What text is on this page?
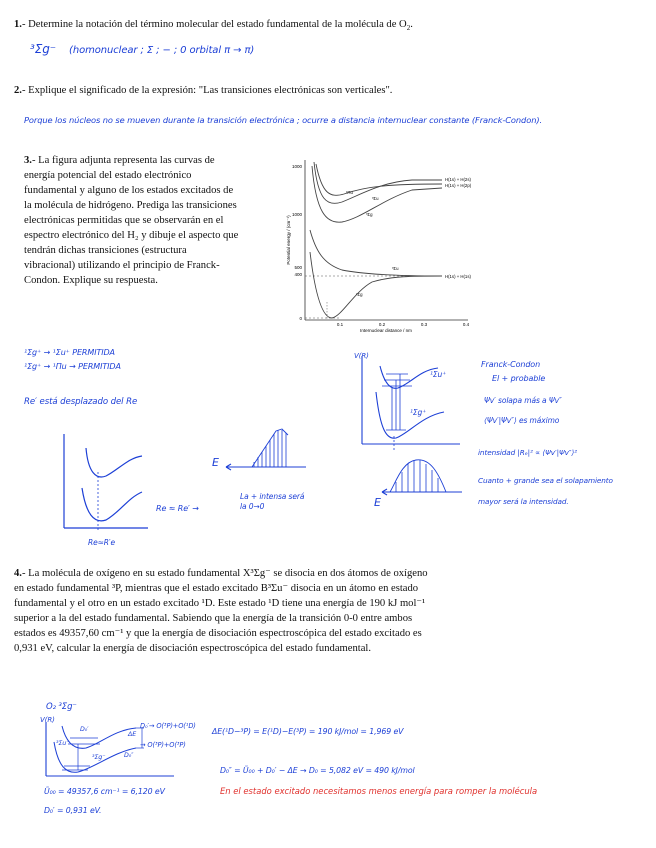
1.- Determine la notación del término molecular del estado fundamental de la molécula de $O_2$.
³Σg⁻ (homonuclear ; Σ ; − ; 0 orbital π → π)
2.- Explique el significado de la expresión: "Las transiciones electrónicas son verticales".
Porque los núcleos no se mueven durante la transición electrónica ; ocurre a distancia internuclear constante (Franck-Condon).
3.- La figura adjunta representa las curvas de
energía potencial del estado electrónico
fundamental y alguno de los estados excitados de
la molécula de hidrógeno. Prediga las transiciones
electrónicas permitidas que se observarán en el
espectro electrónico del H₂ y dibuje el aspecto que
tendrán dichas transiciones (estructura
vibracional) utilizando el principio de Franck-
Condon. Explique su respuesta.
1000
1000
500
400
0
0.1	0.2	0.3	0.4
Internuclear distance / nm
Potential energy / (cm⁻¹)
H(1s) + H(2s)
H(1s) + H(2p)
H(1s) + H(1s)
¹Πu
³Σu
³Σg
³Σu
¹Σg
¹Σg⁺ → ¹Σu⁺ PERMITIDA
¹Σg⁺ → ¹Πu → PERMITIDA
Re′ está desplazado del Re
Re≈R′e
Re ≈ Re′ →
E
La + intensa será la 0→0
V(R)
¹Σu⁺
¹Σg⁺
E
Franck-Condon
El + probable
Ψv′ solapa más a Ψv″
⟨Ψv′|Ψv″⟩ es máximo
intensidad |Rₑ|² ∝ ⟨Ψv′|Ψv″⟩²
Cuanto + grande sea el solapamiento
mayor será la intensidad.
4.- La molécula de oxígeno en su estado fundamental X³Σg⁻ se disocia en dos átomos de oxígeno
en estado fundamental ³P, mientras que el estado excitado B³Σu⁻ disocia en un átomo en estado
fundamental y el otro en un estado excitado ¹D. Este estado ¹D tiene una energía de 190 kJ mol⁻¹
superior a la del estado fundamental. Sabiendo que la energía de la transición 0-0 entre ambos
estados es 49357,60 cm⁻¹ y que la energía de disociación espectroscópica del estado excitado es
0,931 eV, calcular la energía de disociación espectroscópica del estado fundamental.
O₂ ³Σg⁻
V(R)
D₀′→ O(³P)+O(¹D)
→ O(³P)+O(³P)
ΔE
D₀″
D₀′
³Σu⁻
³Σg⁻
Ũ₀₀ = 49357,6 cm⁻¹ = 6,120 eV
D₀′ = 0,931 eV.
ΔE(¹D−³P) = E(¹D)−E(³P) = 190 kJ/mol = 1,969 eV
D₀″ = Ũ₀₀ + D₀′ − ΔE → D₀ = 5,082 eV = 490 kJ/mol
En el estado excitado necesitamos menos energía para romper la molécula
